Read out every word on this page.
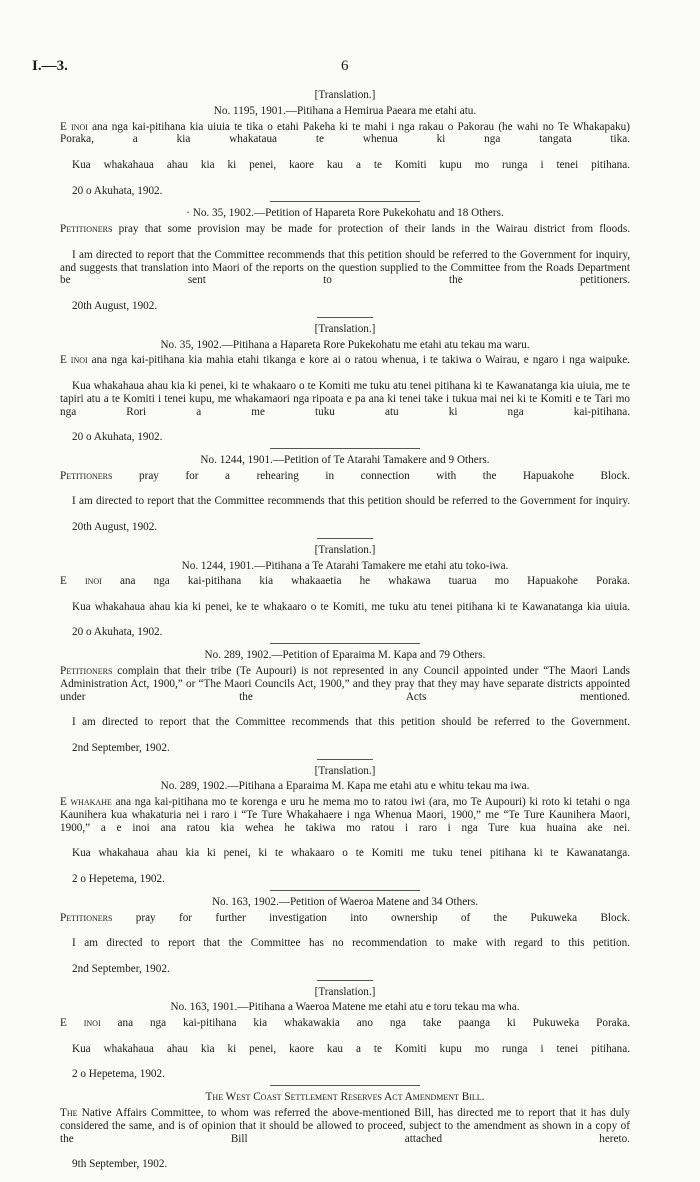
I.—3.	6
[Translation.]
No. 1195, 1901.—Pitihana a Hemirua Paeara me etahi atu.

E inoi ana nga kai-pitihana kia uiuia te tika o etahi Pakeha ki te mahi i nga rakau o Pakorau (he wahi no Te Whakapaku) Poraka, a kia whakataua te whenua ki nga tangata tika.

Kua whakahaua ahau kia ki penei, kaore kau a te Komiti kupu mo runga i tenei pitihana.

20 o Akuhata, 1902.

· No. 35, 1902.—Petition of Hapareta Rore Pukekohatu and 18 Others.

Petitioners pray that some provision may be made for protection of their lands in the Wairau district from floods.

I am directed to report that the Committee recommends that this petition should be referred to the Government for inquiry, and suggests that translation into Maori of the reports on the question supplied to the Committee from the Roads Department be sent to the petitioners.

20th August, 1902.

[Translation.]
No. 35, 1902.—Pitihana a Hapareta Rore Pukekohatu me etahi atu tekau ma waru.

E inoi ana nga kai-pitihana kia mahia etahi tikanga e kore ai o ratou whenua, i te takiwa o Wairau, e ngaro i nga waipuke.

Kua whakahaua ahau kia ki penei, ki te whakaaro o te Komiti me tuku atu tenei pitihana ki te Kawanatanga kia uiuia, me te tapiri atu a te Komiti i tenei kupu, me whakamaori nga ripoata e pa ana ki tenei take i tukua mai nei ki te Komiti e te Tari mo nga Rori a me tuku atu ki nga kai-pitihana.

20 o Akuhata, 1902.

No. 1244, 1901.—Petition of Te Atarahi Tamakere and 9 Others.

Petitioners pray for a rehearing in connection with the Hapuakohe Block.

I am directed to report that the Committee recommends that this petition should be referred to the Government for inquiry.

20th August, 1902.

[Translation.]
No. 1244, 1901.—Pitihana a Te Atarahi Tamakere me etahi atu toko-iwa.

E inoi ana nga kai-pitihana kia whakaaetia he whakawa tuarua mo Hapuakohe Poraka.

Kua whakahaua ahau kia ki penei, ke te whakaaro o te Komiti, me tuku atu tenei pitihana ki te Kawanatanga kia uiuia.

20 o Akuhata, 1902.

No. 289, 1902.—Petition of Eparaima M. Kapa and 79 Others.

Petitioners complain that their tribe (Te Aupouri) is not represented in any Council appointed under “The Maori Lands Administration Act, 1900,” or “The Maori Councils Act, 1900,” and they pray that they may have separate districts appointed under the Acts mentioned.

I am directed to report that the Committee recommends that this petition should be referred to the Government.

2nd September, 1902.

[Translation.]
No. 289, 1902.—Pitihana a Eparaima M. Kapa me etahi atu e whitu tekau ma iwa.

E whakahe ana nga kai-pitihana mo te korenga e uru he mema mo to ratou iwi (ara, mo Te Aupouri) ki roto ki tetahi o nga Kaunihera kua whakaturia nei i raro i “Te Ture Whakahaere i nga Whenua Maori, 1900,” me “Te Ture Kaunihera Maori, 1900,” a e inoi ana ratou kia wehea he takiwa mo ratou i raro i nga Ture kua huaina ake nei.

Kua whakahaua ahau kia ki penei, ki te whakaaro o te Komiti me tuku tenei pitihana ki te Kawanatanga.

2 o Hepetema, 1902.

No. 163, 1902.—Petition of Waeroa Matene and 34 Others.

Petitioners pray for further investigation into ownership of the Pukuweka Block.

I am directed to report that the Committee has no recommendation to make with regard to this petition.

2nd September, 1902.

[Translation.]
No. 163, 1901.—Pitihana a Waeroa Matene me etahi atu e toru tekau ma wha.

E inoi ana nga kai-pitihana kia whakawakia ano nga take paanga ki Pukuweka Poraka.

Kua whakahaua ahau kia ki penei, kaore kau a te Komiti kupu mo runga i tenei pitihana.

2 o Hepetema, 1902.

The West Coast Settlement Reserves Act Amendment Bill.

The Native Affairs Committee, to whom was referred the above-mentioned Bill, has directed me to report that it has duly considered the same, and is of opinion that it should be allowed to proceed, subject to the amendment as shown in a copy of the Bill attached hereto.

9th September, 1902.
